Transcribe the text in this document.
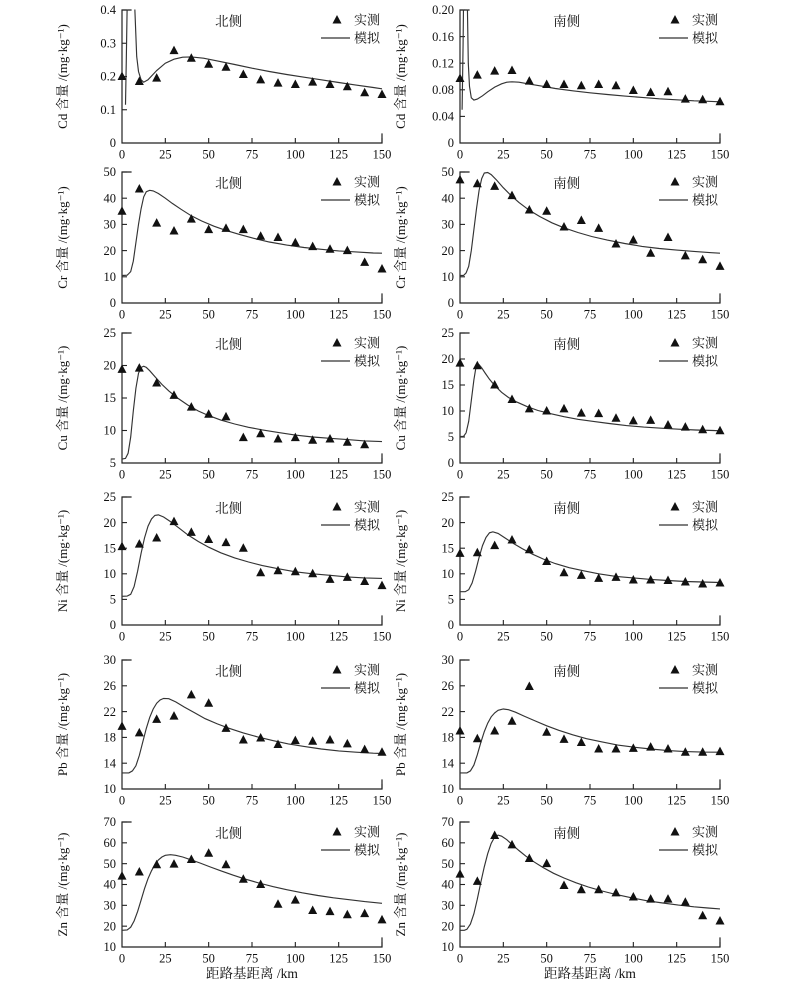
0
0.1
0.2
0.3
0.4
0	25 50 75 100 125 150
Cd 含量 /(mg·kg⁻¹)
北侧	实测
模拟
0
0.04
0.08
0.12
0.16
0.20
0	25 50 75 100 125 150
Cd 含量 /(mg·kg⁻¹)
南侧	实测
模拟
0
10
20
30
40
50
0	25 50 75 100 125 150
Cr 含量 /(mg·kg⁻¹)
北侧	实测
模拟
0
10
20
30
40
50
0	25 50 75 100 125 150
Cr 含量 /(mg·kg⁻¹)
南侧	实测
模拟
5
10
15
20
25
0	25 50 75 100 125 150
Cu 含量 /(mg·kg⁻¹)
北侧	实测
模拟
0
5
10
15
20
25
0	25 50 75 100 125 150
Cu 含量 /(mg·kg⁻¹)
南侧	实测
模拟
0
5
10
15
20
25
0	25 50 75 100 125 150
Ni 含量 /(mg·kg⁻¹)
北侧	实测
模拟
0
5
10
15
20
25
0	25 50 75 100 125 150
Ni 含量 /(mg·kg⁻¹)
南侧	实测
模拟
10
14
18
22
26
30
0	25 50 75 100 125 150
Pb 含量 /(mg·kg⁻¹)
北侧	实测
模拟
10
14
18
22
26
30
0	25 50 75 100 125 150
Pb 含量 /(mg·kg⁻¹)
南侧	实测
模拟
10
20
30
40
50
60
70
0	25 50 75 100 125 150
Zn 含量 /(mg·kg⁻¹)	北侧	实测
模拟
距路基距离 /km
10
20
30
40
50
60
70
0	25 50 75 100 125 150
Zn 含量 /(mg·kg⁻¹)	南侧	实测
模拟
距路基距离 /km
